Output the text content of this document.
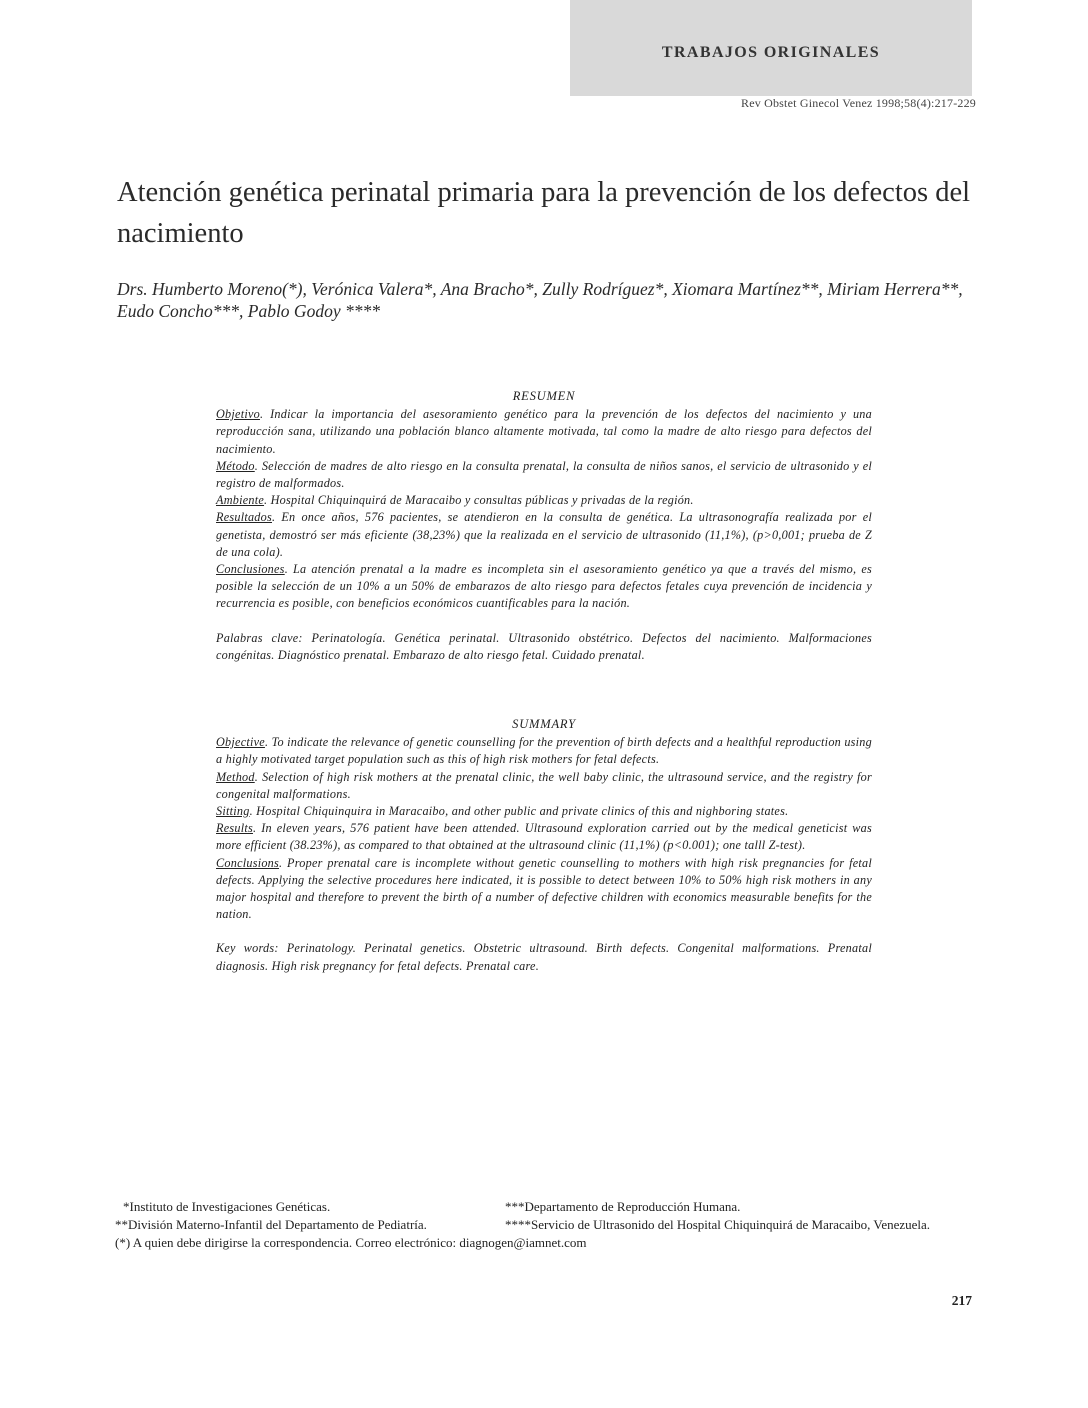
TRABAJOS ORIGINALES
Rev Obstet Ginecol Venez 1998;58(4):217-229
Atención genética perinatal primaria para la prevención de los defectos del nacimiento
Drs. Humberto Moreno(*), Verónica Valera*, Ana Bracho*, Zully Rodríguez*, Xiomara Martínez**, Miriam Herrera**, Eudo Concho***, Pablo Godoy ****
RESUMEN

Objetivo. Indicar la importancia del asesoramiento genético para la prevención de los defectos del nacimiento y una reproducción sana, utilizando una población blanco altamente motivada, tal como la madre de alto riesgo para defectos del nacimiento.

Método. Selección de madres de alto riesgo en la consulta prenatal, la consulta de niños sanos, el servicio de ultrasonido y el registro de malformados.

Ambiente. Hospital Chiquinquirá de Maracaibo y consultas públicas y privadas de la región.

Resultados. En once años, 576 pacientes, se atendieron en la consulta de genética. La ultrasonografía realizada por el genetista, demostró ser más eficiente (38,23%) que la realizada en el servicio de ultrasonido (11,1%), (p>0,001; prueba de Z de una cola).

Conclusiones. La atención prenatal a la madre es incompleta sin el asesoramiento genético ya que a través del mismo, es posible la selección de un 10% a un 50% de embarazos de alto riesgo para defectos fetales cuya prevención de incidencia y recurrencia es posible, con beneficios económicos cuantificables para la nación.

Palabras clave: Perinatología. Genética perinatal. Ultrasonido obstétrico. Defectos del nacimiento. Malformaciones congénitas. Diagnóstico prenatal. Embarazo de alto riesgo fetal. Cuidado prenatal.

SUMMARY

Objective. To indicate the relevance of genetic counselling for the prevention of birth defects and a healthful reproduction using a highly motivated target population such as this of high risk mothers for fetal defects.

Method. Selection of high risk mothers at the prenatal clinic, the well baby clinic, the ultrasound service, and the registry for congenital malformations.

Sitting. Hospital Chiquinquira in Maracaibo, and other public and private clinics of this and nighboring states.

Results. In eleven years, 576 patient have been attended. Ultrasound exploration carried out by the medical geneticist was more efficient (38.23%), as compared to that obtained at the ultrasound clinic (11,1%) (p<0.001); one talll Z-test).

Conclusions. Proper prenatal care is incomplete without genetic counselling to mothers with high risk pregnancies for fetal defects. Applying the selective procedures here indicated, it is possible to detect between 10% to 50% high risk mothers in any major hospital and therefore to prevent the birth of a number of defective children with economics measurable benefits for the nation.

Key words: Perinatology. Perinatal genetics. Obstetric ultrasound. Birth defects. Congenital malformations. Prenatal diagnosis. High risk pregnancy for fetal defects. Prenatal care.

*Instituto de Investigaciones Genéticas.	***Departamento de Reproducción Humana.
**División Materno-Infantil del Departamento de Pediatría.	****Servicio de Ultrasonido del Hospital Chiquinquirá de Maracaibo, Venezuela.
(*) A quien debe dirigirse la correspondencia. Correo electrónico: diagnogen@iamnet.com
217
